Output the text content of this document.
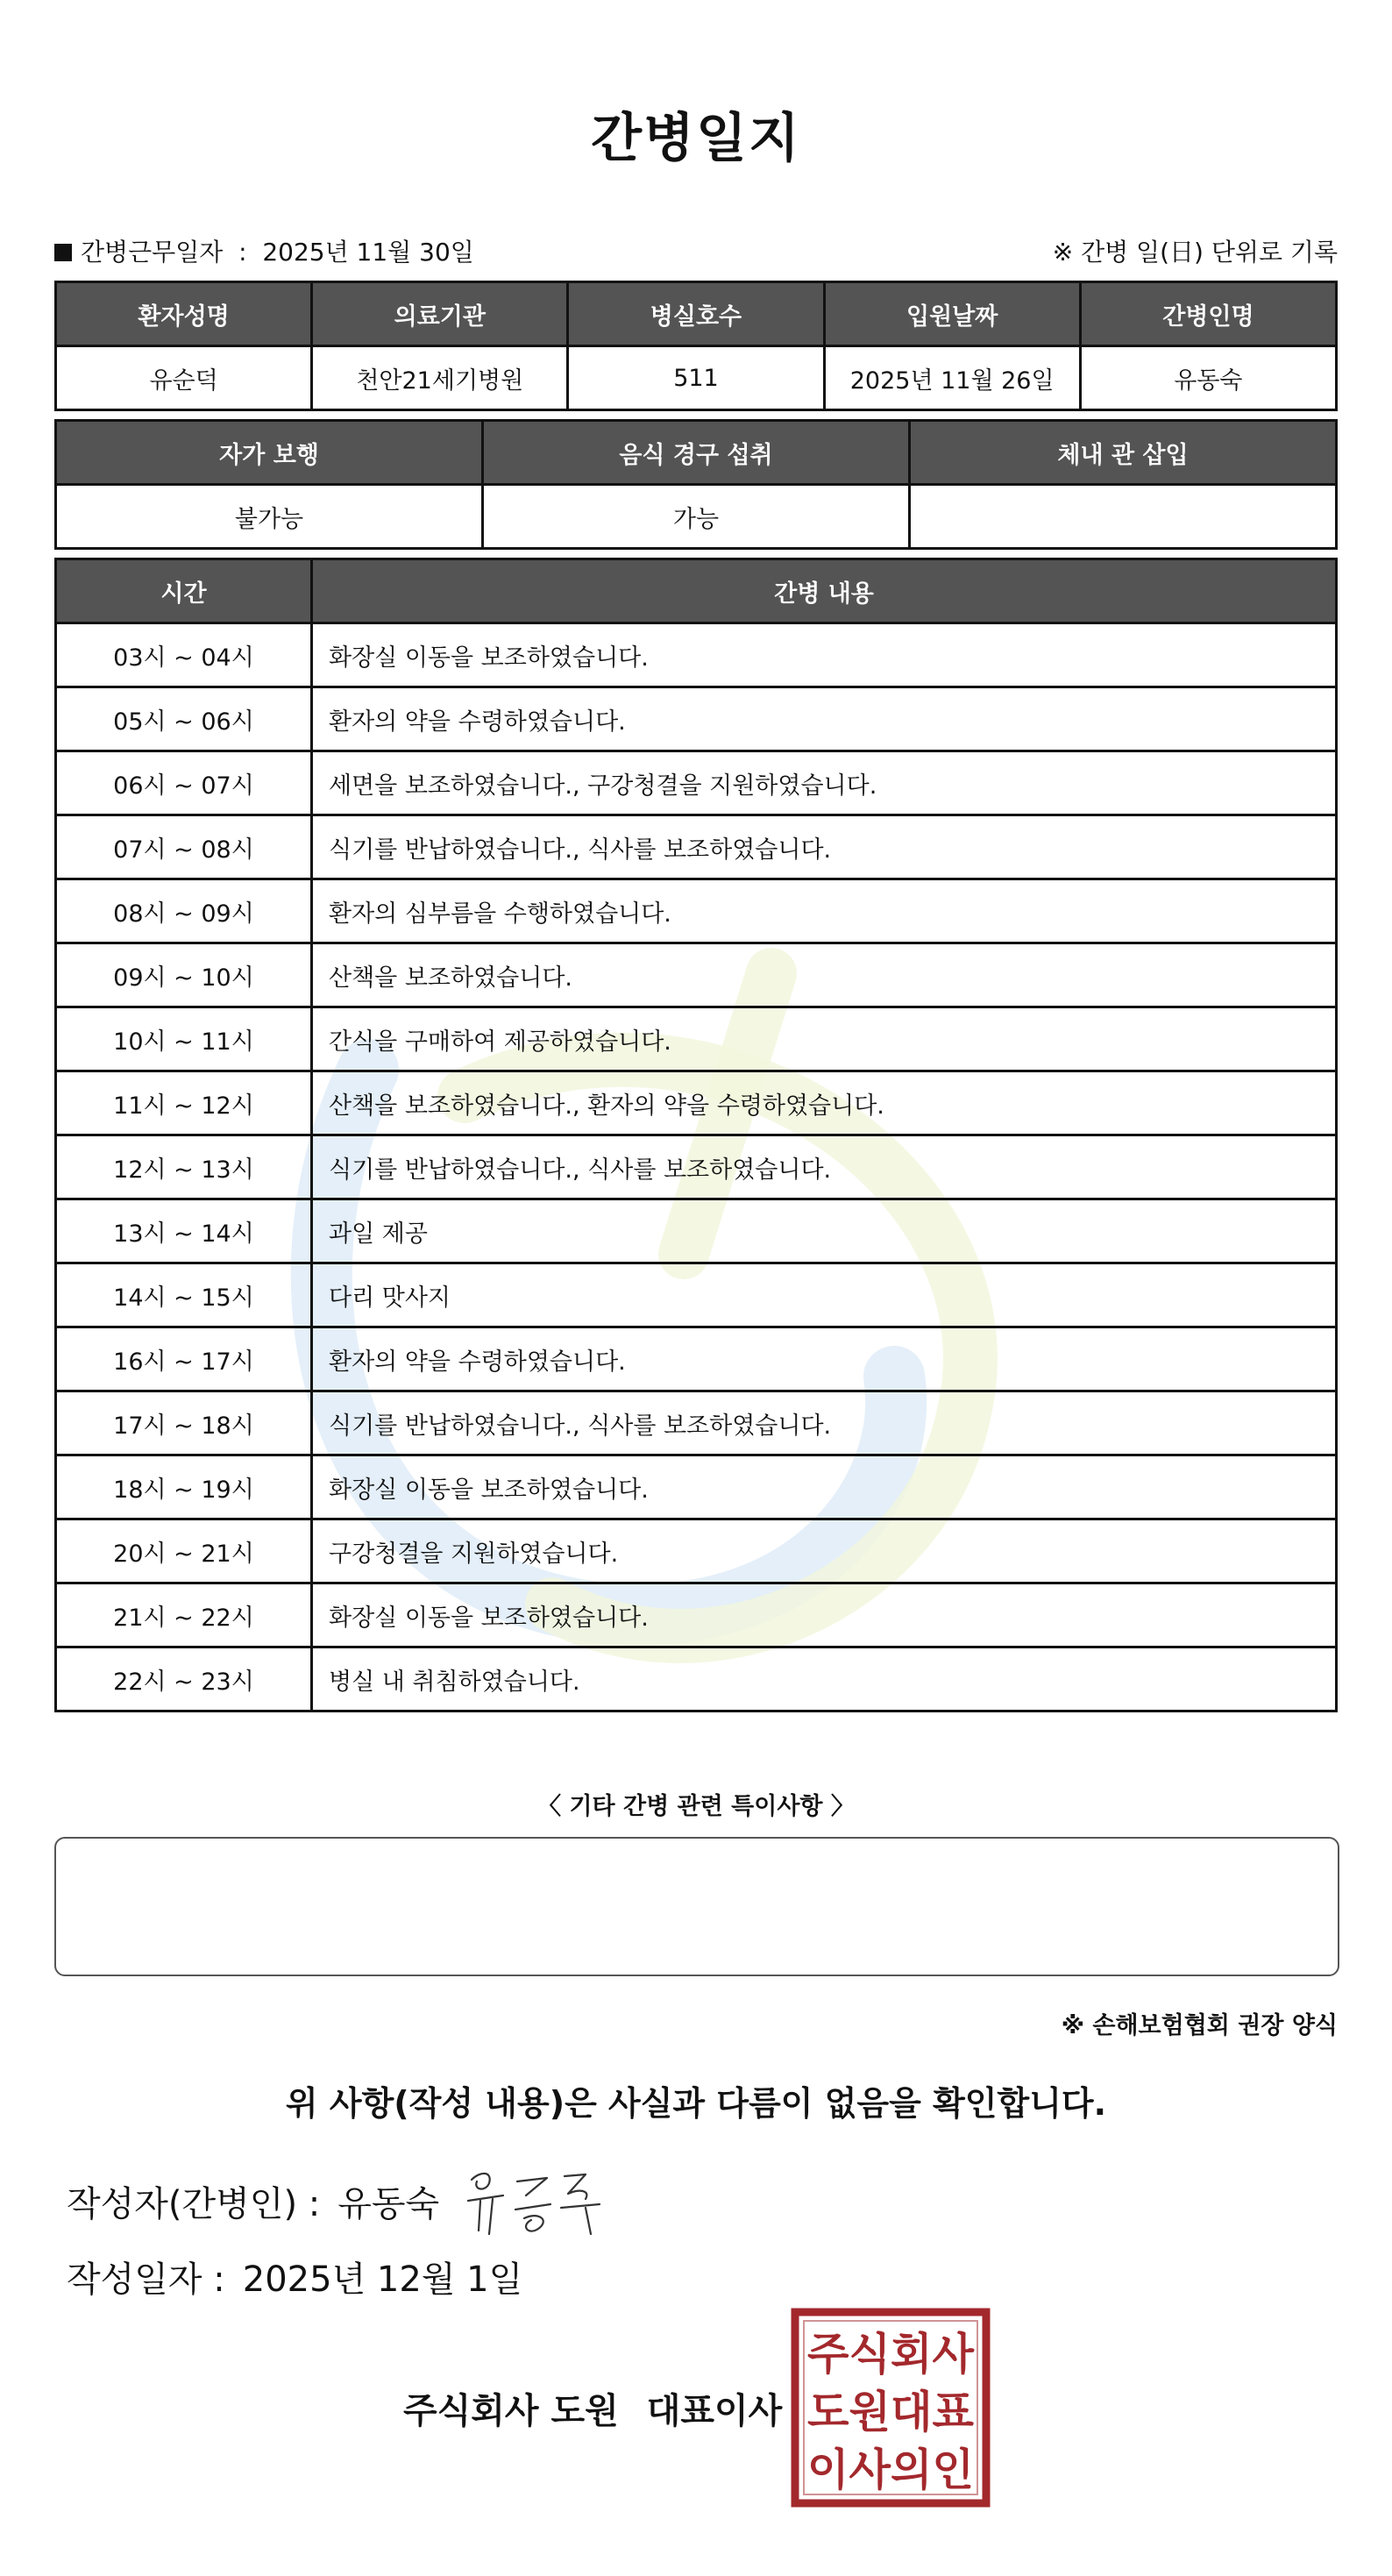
간병일지
간병근무일자  :  2025년 11월 30일	※ 간병 일(日) 단위로 기록
환자성명	의료기관	병실호수	입원날짜	간병인명
유순덕	천안21세기병원	511	2025년 11월 26일	유동숙
자가 보행	음식 경구 섭취	체내 관 삽입
불가능	가능	
시간	간병 내용
03시 ~ 04시	화장실 이동을 보조하였습니다.
05시 ~ 06시	환자의 약을 수령하였습니다.
06시 ~ 07시	세면을 보조하였습니다., 구강청결을 지원하였습니다.
07시 ~ 08시	식기를 반납하였습니다., 식사를 보조하였습니다.
08시 ~ 09시	환자의 심부름을 수행하였습니다.
09시 ~ 10시	산책을 보조하였습니다.
10시 ~ 11시	간식을 구매하여 제공하였습니다.
11시 ~ 12시	산책을 보조하였습니다., 환자의 약을 수령하였습니다.
12시 ~ 13시	식기를 반납하였습니다., 식사를 보조하였습니다.
13시 ~ 14시	과일 제공
14시 ~ 15시	다리 맛사지
16시 ~ 17시	환자의 약을 수령하였습니다.
17시 ~ 18시	식기를 반납하였습니다., 식사를 보조하였습니다.
18시 ~ 19시	화장실 이동을 보조하였습니다.
20시 ~ 21시	구강청결을 지원하였습니다.
21시 ~ 22시	화장실 이동을 보조하였습니다.
22시 ~ 23시	병실 내 취침하였습니다.
〈 기타 간병 관련 특이사항 〉
※ 손해보험협회 권장 양식
위 사항(작성 내용)은 사실과 다름이 없음을 확인합니다.
작성자(간병인) : 유동숙
작성일자 : 2025년 12월 1일
주식회사 도원 대표이사
주식회사
도원대표
이사의인
